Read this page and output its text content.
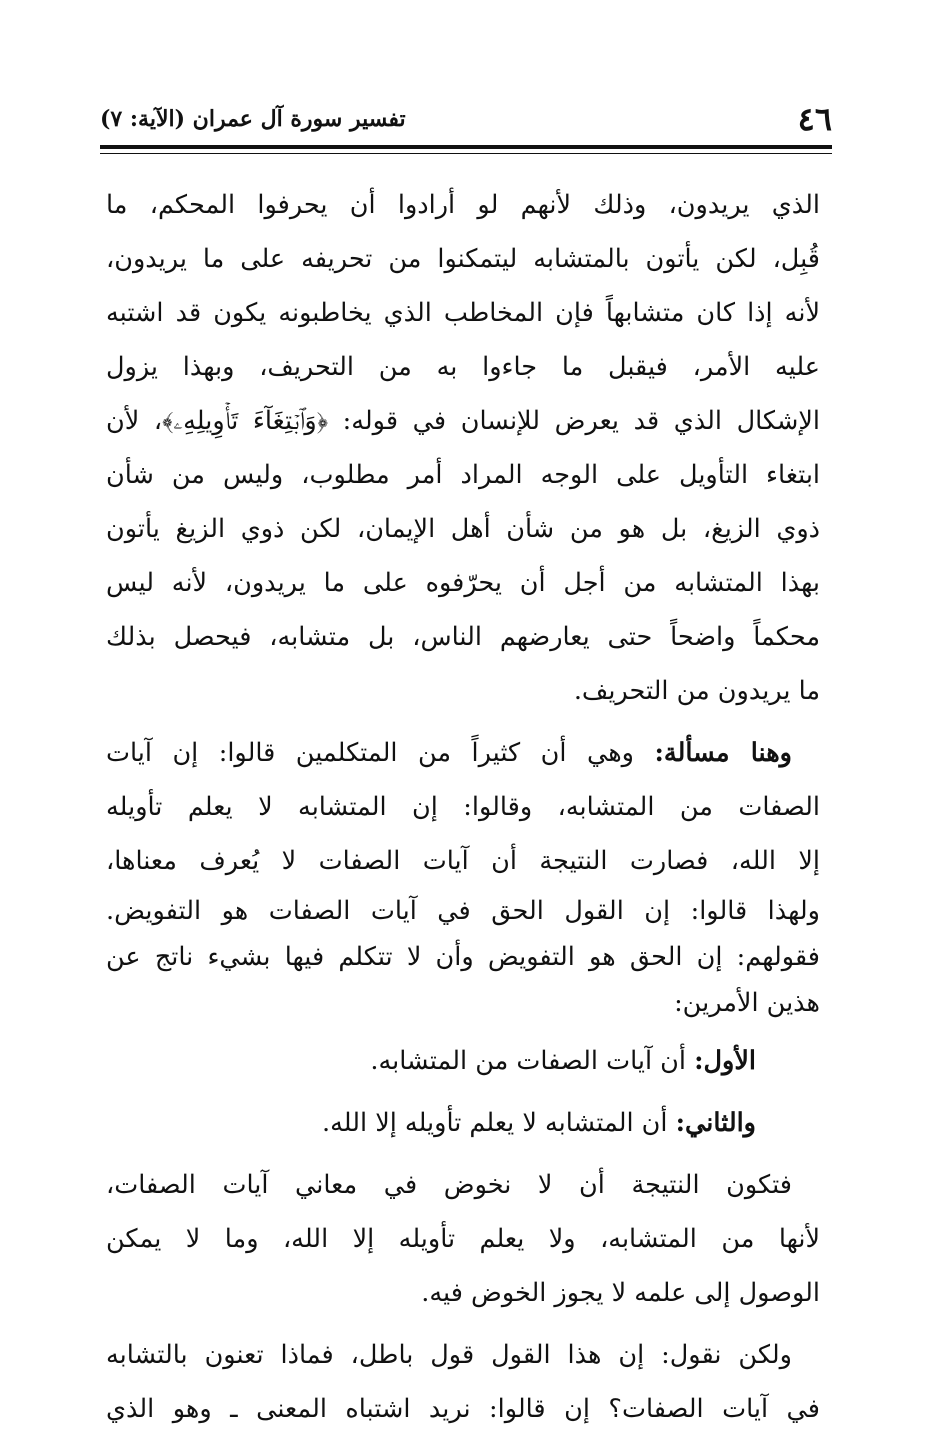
٤٦
تفسير سورة آل عمران (الآية: ٧)
الذي يريدون، وذلك لأنهم لو أرادوا أن يحرفوا المحكم، ما
قُبِل، لكن يأتون بالمتشابه ليتمكنوا من تحريفه على ما يريدون،
لأنه إذا كان متشابهاً فإن المخاطب الذي يخاطبونه يكون قد اشتبه
عليه الأمر، فيقبل ما جاءوا به من التحريف، وبهذا يزول
الإشكال الذي قد يعرض للإنسان في قوله: ﴿وَٱبۡتِغَآءَ تَأۡوِيلِهِۦ﴾، لأن
ابتغاء التأويل على الوجه المراد أمر مطلوب، وليس من شأن
ذوي الزيغ، بل هو من شأن أهل الإيمان، لكن ذوي الزيغ يأتون
بهذا المتشابه من أجل أن يحرّفوه على ما يريدون، لأنه ليس
محكماً واضحاً حتى يعارضهم الناس، بل متشابه، فيحصل بذلك
ما يريدون من التحريف.
وهنا مسألة: وهي أن كثيراً من المتكلمين قالوا: إن آيات
الصفات من المتشابه، وقالوا: إن المتشابه لا يعلم تأويله
إلا الله، فصارت النتيجة أن آيات الصفات لا يُعرف معناها،
ولهذا قالوا: إن القول الحق في آيات الصفات هو التفويض.
فقولهم: إن الحق هو التفويض وأن لا تتكلم فيها بشيء ناتج عن
هذين الأمرين:
الأول: أن آيات الصفات من المتشابه.
والثاني: أن المتشابه لا يعلم تأويله إلا الله.
فتكون النتيجة أن لا نخوض في معاني آيات الصفات،
لأنها من المتشابه، ولا يعلم تأويله إلا الله، وما لا يمكن
الوصول إلى علمه لا يجوز الخوض فيه.
ولكن نقول: إن هذا القول قول باطل، فماذا تعنون بالتشابه
في آيات الصفات؟ إن قالوا: نريد اشتباه المعنى ـ وهو الذي
